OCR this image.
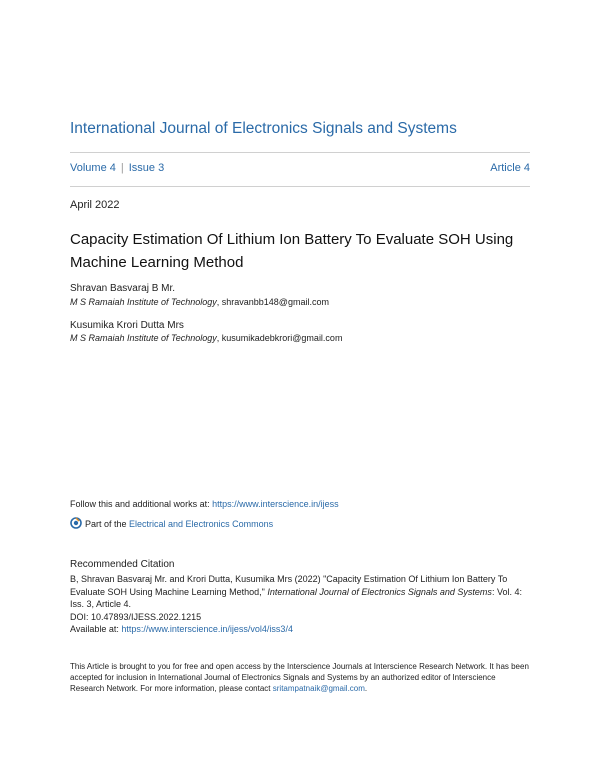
International Journal of Electronics Signals and Systems
Volume 4 | Issue 3	Article 4
April 2022
Capacity Estimation Of Lithium Ion Battery To Evaluate SOH Using Machine Learning Method
Shravan Basvaraj B Mr.
M S Ramaiah Institute of Technology, shravanbb148@gmail.com
Kusumika Krori Dutta Mrs
M S Ramaiah Institute of Technology, kusumikadebkrori@gmail.com
Follow this and additional works at: https://www.interscience.in/ijess
Part of the Electrical and Electronics Commons
Recommended Citation
B, Shravan Basvaraj Mr. and Krori Dutta, Kusumika Mrs (2022) "Capacity Estimation Of Lithium Ion Battery To Evaluate SOH Using Machine Learning Method," International Journal of Electronics Signals and Systems: Vol. 4: Iss. 3, Article 4.
DOI: 10.47893/IJESS.2022.1215
Available at: https://www.interscience.in/ijess/vol4/iss3/4
This Article is brought to you for free and open access by the Interscience Journals at Interscience Research Network. It has been accepted for inclusion in International Journal of Electronics Signals and Systems by an authorized editor of Interscience Research Network. For more information, please contact sritampatnaik@gmail.com.
